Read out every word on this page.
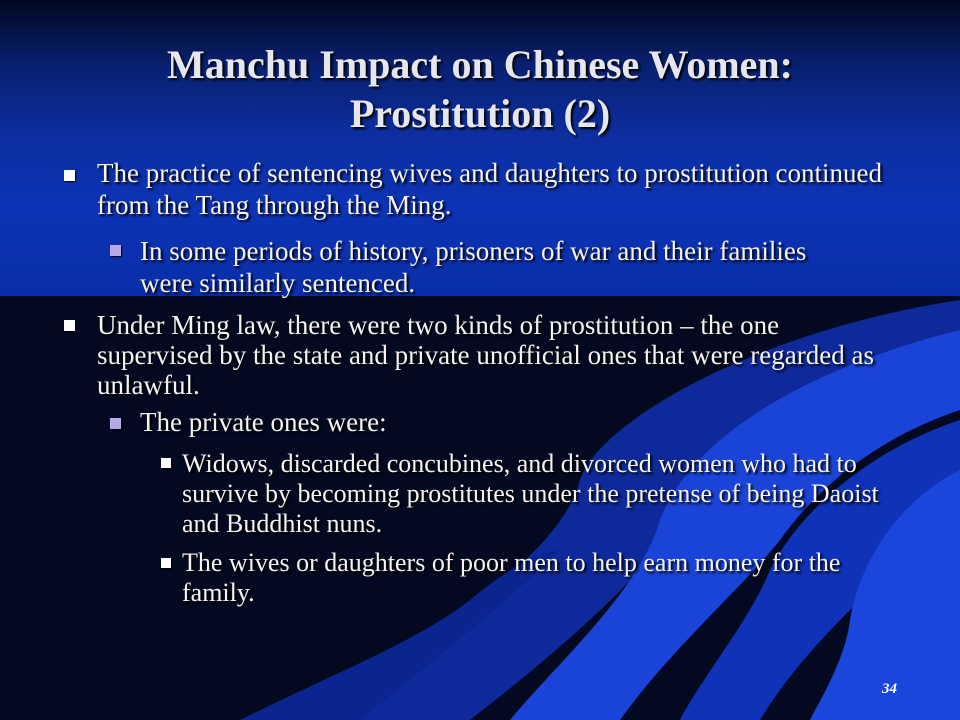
Manchu Impact on Chinese Women:
Prostitution (2)
The practice of sentencing wives and daughters to prostitution continued from the Tang through the Ming.
In some periods of history, prisoners of war and their families were similarly sentenced.
Under Ming law, there were two kinds of prostitution – the one supervised by the state and private unofficial ones that were regarded as unlawful.
The private ones were:
Widows, discarded concubines, and divorced women who had to survive by becoming prostitutes under the pretense of being Daoist and Buddhist nuns.
The wives or daughters of poor men to help earn money for the family.
34
